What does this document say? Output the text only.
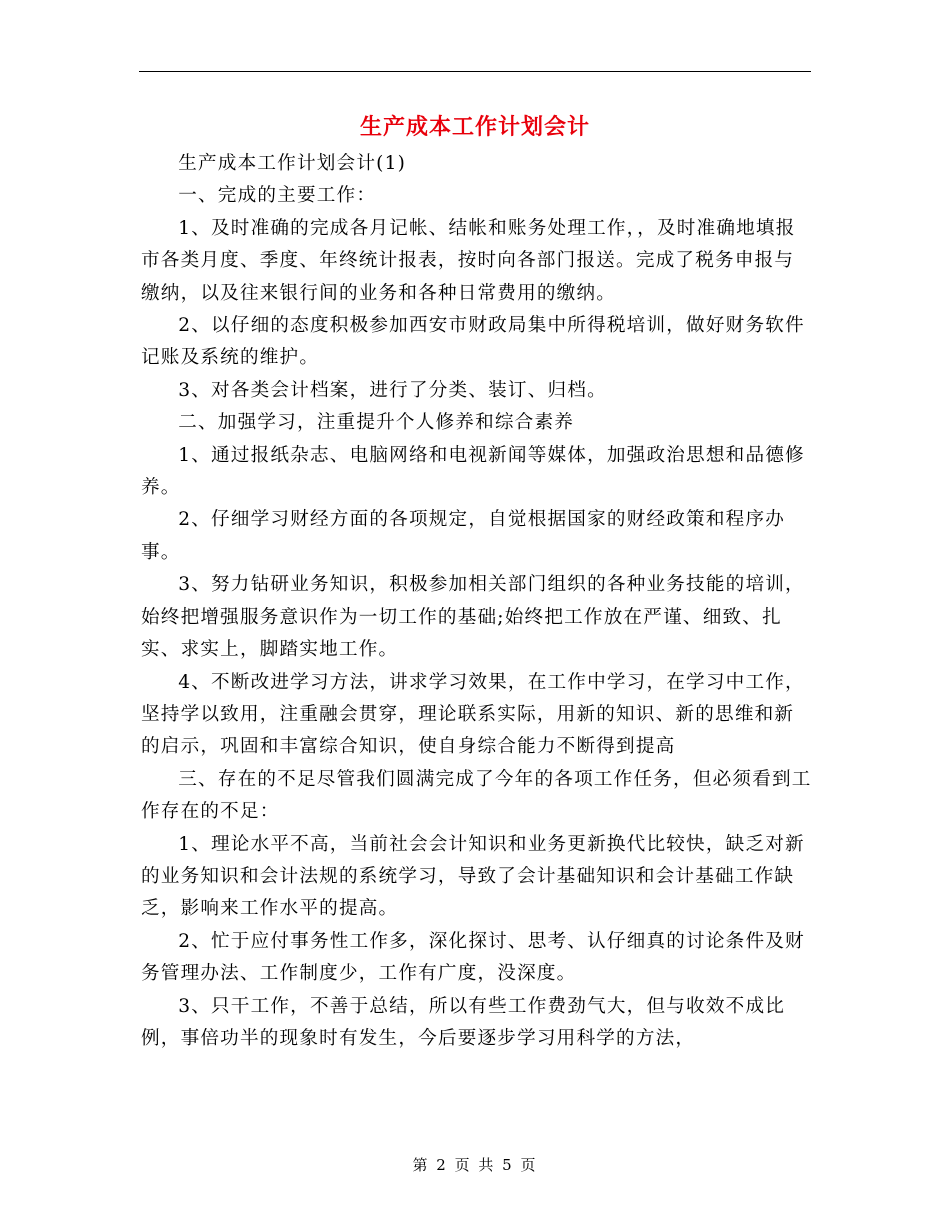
生产成本工作计划会计

生产成本工作计划会计(1)

一、完成的主要工作：

1、及时准确的完成各月记帐、结帐和账务处理工作，，及时准确地填报市各类月度、季度、年终统计报表，按时向各部门报送。完成了税务申报与缴纳，以及往来银行间的业务和各种日常费用的缴纳。

2、以仔细的态度积极参加西安市财政局集中所得税培训，做好财务软件记账及系统的维护。

3、对各类会计档案，进行了分类、装订、归档。

二、加强学习，注重提升个人修养和综合素养

1、通过报纸杂志、电脑网络和电视新闻等媒体，加强政治思想和品德修养。

2、仔细学习财经方面的各项规定，自觉根据国家的财经政策和程序办事。

3、努力钻研业务知识，积极参加相关部门组织的各种业务技能的培训，始终把增强服务意识作为一切工作的基础;始终把工作放在严谨、细致、扎实、求实上，脚踏实地工作。

4、不断改进学习方法，讲求学习效果，在工作中学习，在学习中工作，坚持学以致用，注重融会贯穿，理论联系实际，用新的知识、新的思维和新的启示，巩固和丰富综合知识，使自身综合能力不断得到提高

三、存在的不足尽管我们圆满完成了今年的各项工作任务，但必须看到工作存在的不足：

1、理论水平不高，当前社会会计知识和业务更新换代比较快，缺乏对新的业务知识和会计法规的系统学习，导致了会计基础知识和会计基础工作缺乏，影响来工作水平的提高。

2、忙于应付事务性工作多，深化探讨、思考、认仔细真的讨论条件及财务管理办法、工作制度少，工作有广度，没深度。

3、只干工作，不善于总结，所以有些工作费劲气大，但与收效不成比例，事倍功半的现象时有发生，今后要逐步学习用科学的方法，

第 2 页 共 5 页
